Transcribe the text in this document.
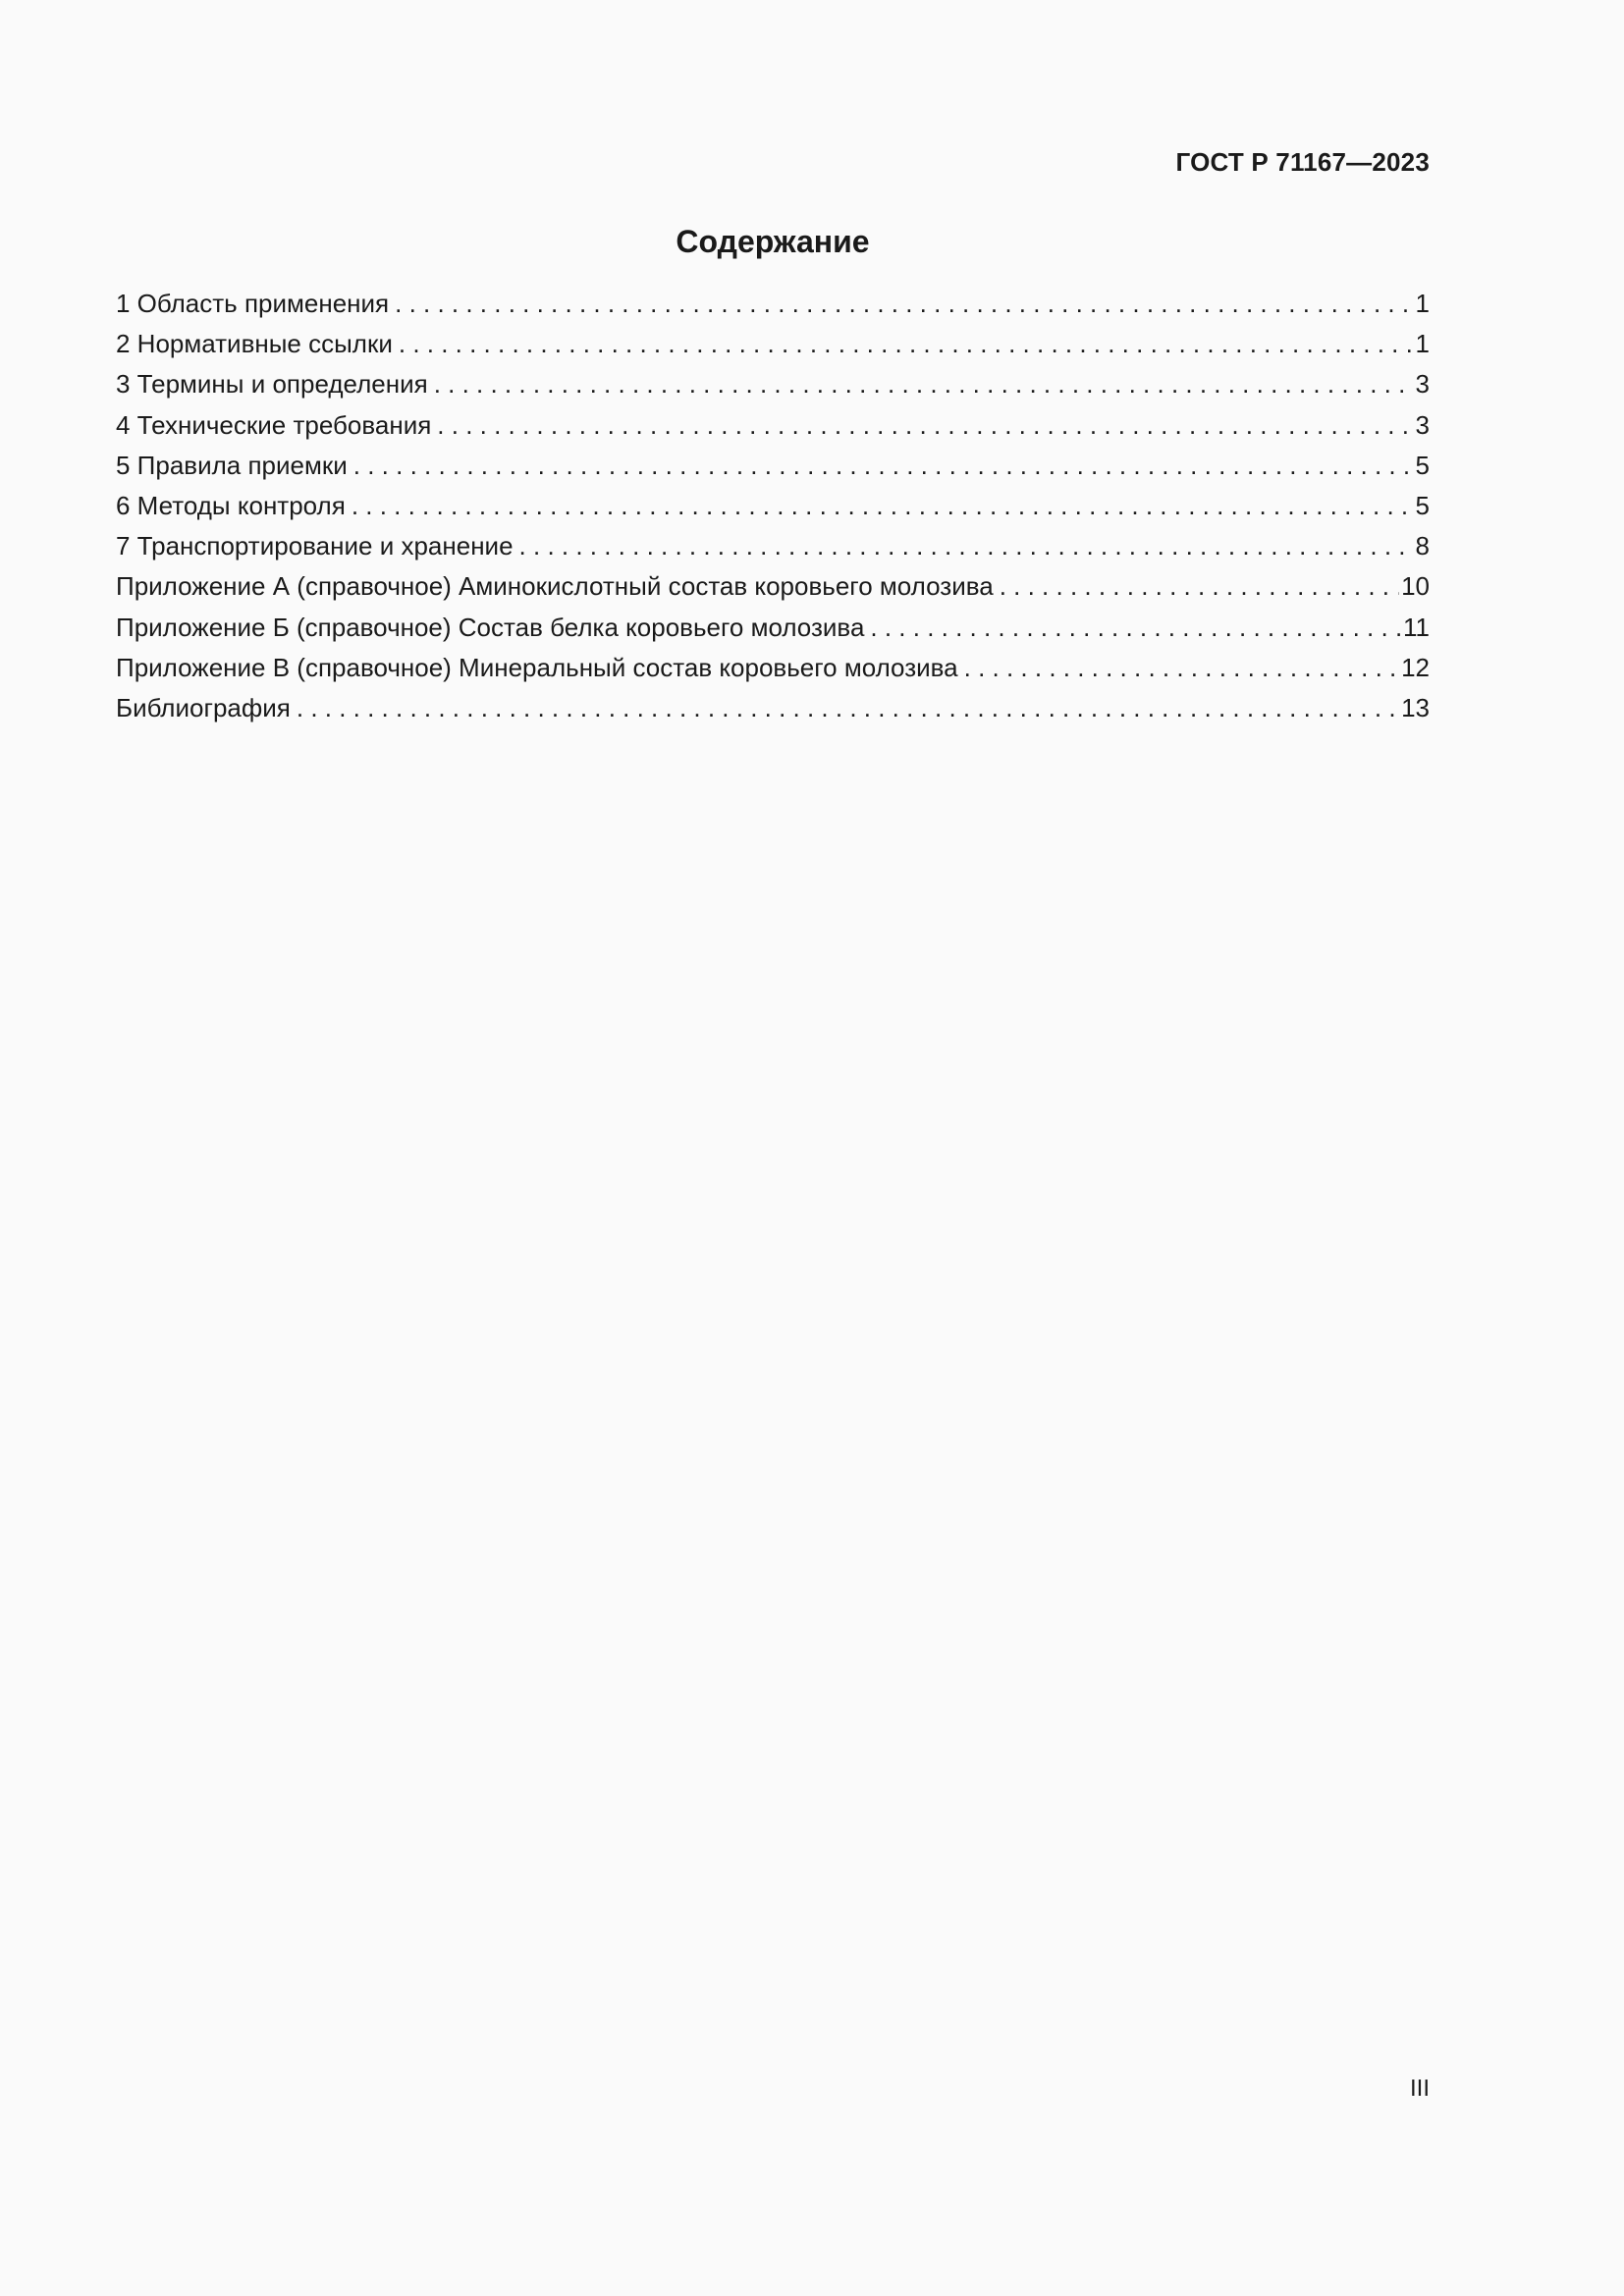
ГОСТ Р 71167—2023
Содержание
1 Область применения . . .	1
2 Нормативные ссылки . . .	1
3 Термины и определения . . .	3
4 Технические требования . . .	3
5 Правила приемки . . .	5
6 Методы контроля . . .	5
7 Транспортирование и хранение . . .	8
Приложение А (справочное) Аминокислотный состав коровьего молозива . . .	10
Приложение Б (справочное) Состав белка коровьего молозива . . .	11
Приложение В (справочное) Минеральный состав коровьего молозива . . .	12
Библиография . . .	13
III
